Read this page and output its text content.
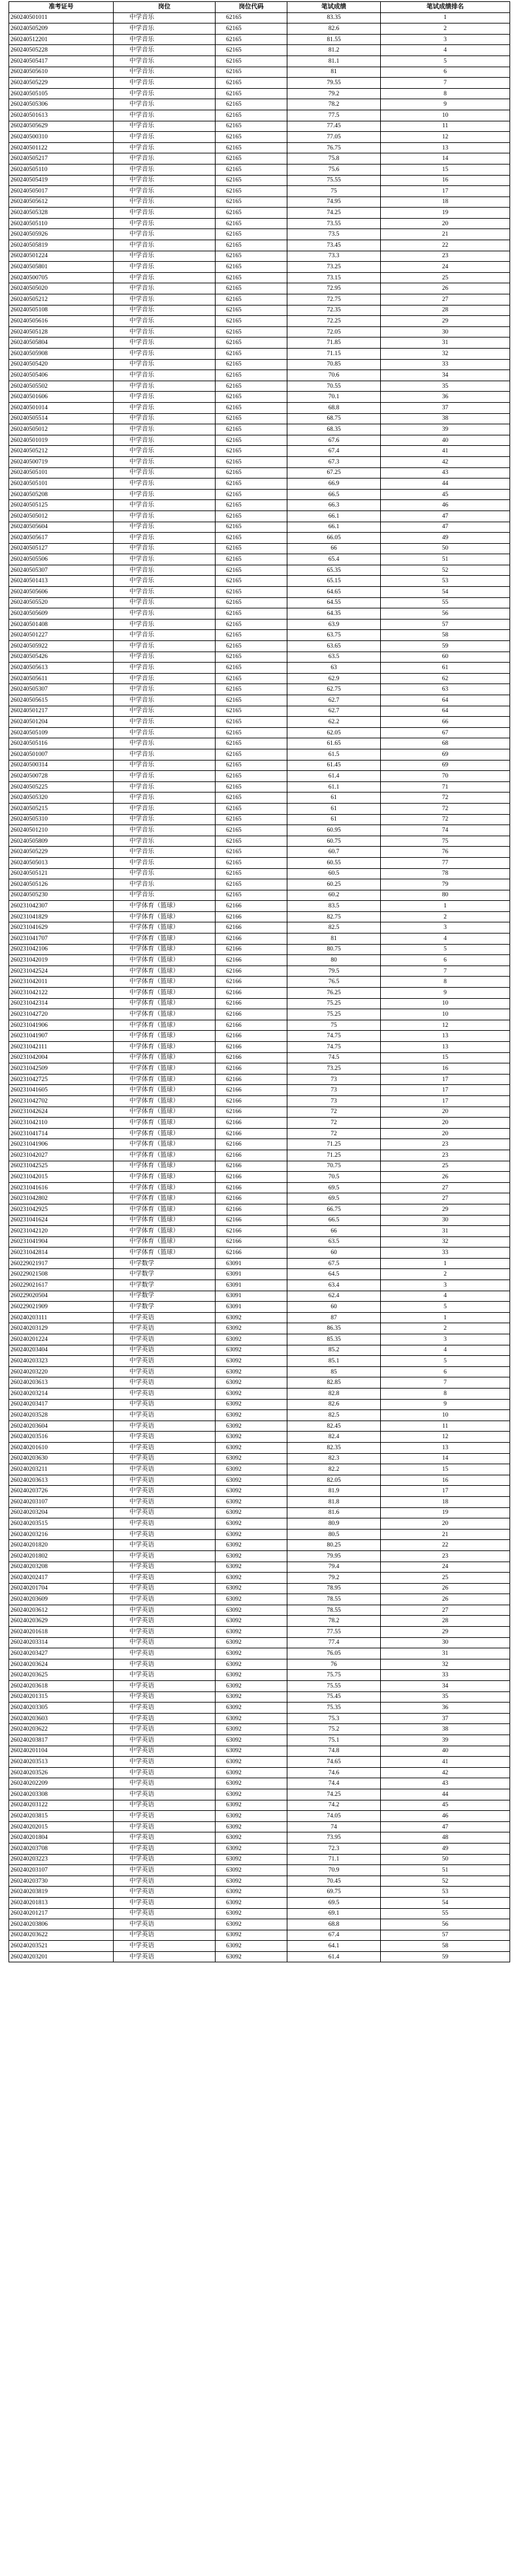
准考证号	岗位	岗位代码	笔试成绩	笔试成绩排名
260240501011	中学音乐	62165	83.35	1
260240505209	中学音乐	62165	82.6	2
260240512201	中学音乐	62165	81.55	3
260240505228	中学音乐	62165	81.2	4
260240505417	中学音乐	62165	81.1	5
260240505610	中学音乐	62165	81	6
260240505229	中学音乐	62165	79.55	7
260240505105	中学音乐	62165	79.2	8
260240505306	中学音乐	62165	78.2	9
260240501613	中学音乐	62165	77.5	10
260240505629	中学音乐	62165	77.45	11
260240500310	中学音乐	62165	77.05	12
260240501122	中学音乐	62165	76.75	13
260240505217	中学音乐	62165	75.8	14
260240505110	中学音乐	62165	75.6	15
260240505419	中学音乐	62165	75.55	16
260240505017	中学音乐	62165	75	17
260240505612	中学音乐	62165	74.95	18
260240505328	中学音乐	62165	74.25	19
260240505110	中学音乐	62165	73.55	20
260240505926	中学音乐	62165	73.5	21
260240505819	中学音乐	62165	73.45	22
260240501224	中学音乐	62165	73.3	23
260240505801	中学音乐	62165	73.25	24
260240500705	中学音乐	62165	73.15	25
260240505020	中学音乐	62165	72.95	26
260240505212	中学音乐	62165	72.75	27
260240505108	中学音乐	62165	72.35	28
260240505616	中学音乐	62165	72.25	29
260240505128	中学音乐	62165	72.05	30
260240505804	中学音乐	62165	71.85	31
260240505908	中学音乐	62165	71.15	32
260240505420	中学音乐	62165	70.85	33
260240505406	中学音乐	62165	70.6	34
260240505502	中学音乐	62165	70.55	35
260240501606	中学音乐	62165	70.1	36
260240501014	中学音乐	62165	68.8	37
260240505514	中学音乐	62165	68.75	38
260240505012	中学音乐	62165	68.35	39
260240501019	中学音乐	62165	67.6	40
260240505212	中学音乐	62165	67.4	41
260240500719	中学音乐	62165	67.3	42
260240505101	中学音乐	62165	67.25	43
260240505101	中学音乐	62165	66.9	44
260240505208	中学音乐	62165	66.5	45
260240505125	中学音乐	62165	66.3	46
260240505012	中学音乐	62165	66.1	47
260240505604	中学音乐	62165	66.1	47
260240505617	中学音乐	62165	66.05	49
260240505127	中学音乐	62165	66	50
260240505506	中学音乐	62165	65.4	51
260240505307	中学音乐	62165	65.35	52
260240501413	中学音乐	62165	65.15	53
260240505606	中学音乐	62165	64.65	54
260240505520	中学音乐	62165	64.55	55
260240505609	中学音乐	62165	64.35	56
260240501408	中学音乐	62165	63.9	57
260240501227	中学音乐	62165	63.75	58
260240505922	中学音乐	62165	63.65	59
260240505426	中学音乐	62165	63.5	60
260240505613	中学音乐	62165	63	61
260240505611	中学音乐	62165	62.9	62
260240505307	中学音乐	62165	62.75	63
260240505615	中学音乐	62165	62.7	64
260240501217	中学音乐	62165	62.7	64
260240501204	中学音乐	62165	62.2	66
260240505109	中学音乐	62165	62.05	67
260240505116	中学音乐	62165	61.65	68
260240501007	中学音乐	62165	61.5	69
260240500314	中学音乐	62165	61.45	69
260240500728	中学音乐	62165	61.4	70
260240505225	中学音乐	62165	61.1	71
260240505320	中学音乐	62165	61	72
260240505215	中学音乐	62165	61	72
260240505310	中学音乐	62165	61	72
260240501210	中学音乐	62165	60.95	74
260240505809	中学音乐	62165	60.75	75
260240505229	中学音乐	62165	60.7	76
260240505013	中学音乐	62165	60.55	77
260240505121	中学音乐	62165	60.5	78
260240505126	中学音乐	62165	60.25	79
260240505230	中学音乐	62165	60.2	80
260231042307	中学体育（篮球）	62166	83.5	1
260231041829	中学体育（篮球）	62166	82.75	2
260231041629	中学体育（篮球）	62166	82.5	3
260231041707	中学体育（篮球）	62166	81	4
260231042106	中学体育（篮球）	62166	80.75	5
260231042019	中学体育（篮球）	62166	80	6
260231042524	中学体育（篮球）	62166	79.5	7
260231042011	中学体育（篮球）	62166	76.5	8
260231042122	中学体育（篮球）	62166	76.25	9
260231042314	中学体育（篮球）	62166	75.25	10
260231042720	中学体育（篮球）	62166	75.25	10
260231041906	中学体育（篮球）	62166	75	12
260231041907	中学体育（篮球）	62166	74.75	13
260231042111	中学体育（篮球）	62166	74.75	13
260231042004	中学体育（篮球）	62166	74.5	15
260231042509	中学体育（篮球）	62166	73.25	16
260231042725	中学体育（篮球）	62166	73	17
260231041605	中学体育（篮球）	62166	73	17
260231042702	中学体育（篮球）	62166	73	17
260231042624	中学体育（篮球）	62166	72	20
260231042110	中学体育（篮球）	62166	72	20
260231041714	中学体育（篮球）	62166	72	20
260231041906	中学体育（篮球）	62166	71.25	23
260231042027	中学体育（篮球）	62166	71.25	23
260231042525	中学体育（篮球）	62166	70.75	25
260231042015	中学体育（篮球）	62166	70.5	26
260231041616	中学体育（篮球）	62166	69.5	27
260231042802	中学体育（篮球）	62166	69.5	27
260231042925	中学体育（篮球）	62166	66.75	29
260231041624	中学体育（篮球）	62166	66.5	30
260231042120	中学体育（篮球）	62166	66	31
260231041904	中学体育（篮球）	62166	63.5	32
260231042814	中学体育（篮球）	62166	60	33
260229021917	中学数学	63091	67.5	1
260229021508	中学数学	63091	64.5	2
260229021617	中学数学	63091	63.4	3
260229020504	中学数学	63091	62.4	4
260229021909	中学数学	63091	60	5
260240203111	中学英语	63092	87	1
260240203129	中学英语	63092	86.35	2
260240201224	中学英语	63092	85.35	3
260240203404	中学英语	63092	85.2	4
260240203323	中学英语	63092	85.1	5
260240203220	中学英语	63092	85	6
260240203613	中学英语	63092	82.85	7
260240203214	中学英语	63092	82.8	8
260240203417	中学英语	63092	82.6	9
260240203528	中学英语	63092	82.5	10
260240203604	中学英语	63092	82.45	11
260240203516	中学英语	63092	82.4	12
260240201610	中学英语	63092	82.35	13
260240203630	中学英语	63092	82.3	14
260240203211	中学英语	63092	82.2	15
260240203613	中学英语	63092	82.05	16
260240203726	中学英语	63092	81.9	17
260240203107	中学英语	63092	81.8	18
260240203204	中学英语	63092	81.6	19
260240203515	中学英语	63092	80.9	20
260240203216	中学英语	63092	80.5	21
260240201820	中学英语	63092	80.25	22
260240201802	中学英语	63092	79.95	23
260240203208	中学英语	63092	79.4	24
260240202417	中学英语	63092	79.2	25
260240201704	中学英语	63092	78.95	26
260240203609	中学英语	63092	78.55	26
260240203612	中学英语	63092	78.55	27
260240203629	中学英语	63092	78.2	28
260240201618	中学英语	63092	77.55	29
260240203314	中学英语	63092	77.4	30
260240203427	中学英语	63092	76.05	31
260240203624	中学英语	63092	76	32
260240203625	中学英语	63092	75.75	33
260240203618	中学英语	63092	75.55	34
260240201315	中学英语	63092	75.45	35
260240203305	中学英语	63092	75.35	36
260240203603	中学英语	63092	75.3	37
260240203622	中学英语	63092	75.2	38
260240203817	中学英语	63092	75.1	39
260240201104	中学英语	63092	74.8	40
260240203513	中学英语	63092	74.65	41
260240203526	中学英语	63092	74.6	42
260240202209	中学英语	63092	74.4	43
260240203308	中学英语	63092	74.25	44
260240203122	中学英语	63092	74.2	45
260240203815	中学英语	63092	74.05	46
260240202015	中学英语	63092	74	47
260240201804	中学英语	63092	73.95	48
260240203708	中学英语	63092	72.3	49
260240203223	中学英语	63092	71.1	50
260240203107	中学英语	63092	70.9	51
260240203730	中学英语	63092	70.45	52
260240203819	中学英语	63092	69.75	53
260240201813	中学英语	63092	69.5	54
260240201217	中学英语	63092	69.1	55
260240203806	中学英语	63092	68.8	56
260240203622	中学英语	63092	67.4	57
260240203521	中学英语	63092	64.1	58
260240203201	中学英语	63092	61.4	59
